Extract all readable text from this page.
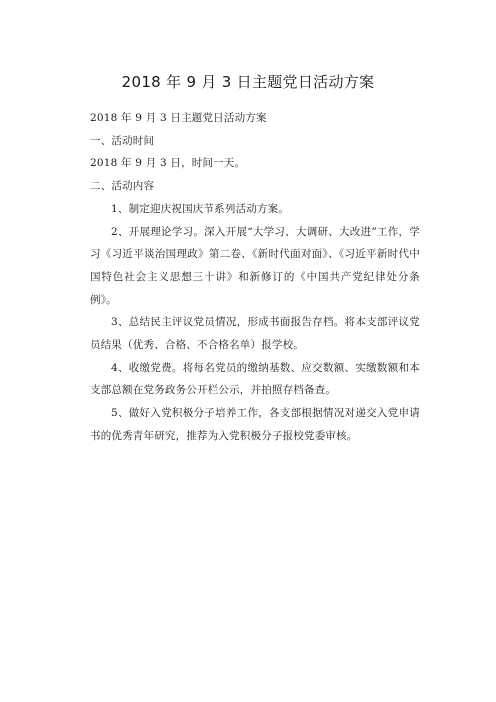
2018 年 9 月 3 日主题党日活动方案

2018 年 9 月 3 日主题党日活动方案

一、活动时间

2018 年 9 月 3 日，时间一天。

二、活动内容

1、制定迎庆祝国庆节系列活动方案。

2、开展理论学习。深入开展“大学习、大调研、大改进”工作，学习《习近平谈治国理政》第二卷、《新时代面对面》、《习近平新时代中国特色社会主义思想三十讲》和新修订的《中国共产党纪律处分条例》。

3、总结民主评议党员情况，形成书面报告存档。将本支部评议党员结果（优秀、合格、不合格名单）报学校。

4、收缴党费。将每名党员的缴纳基数、应交数额、实缴数额和本支部总额在党务政务公开栏公示，并拍照存档备查。

5、做好入党积极分子培养工作，各支部根据情况对递交入党申请书的优秀青年研究，推荐为入党积极分子报校党委审核。
